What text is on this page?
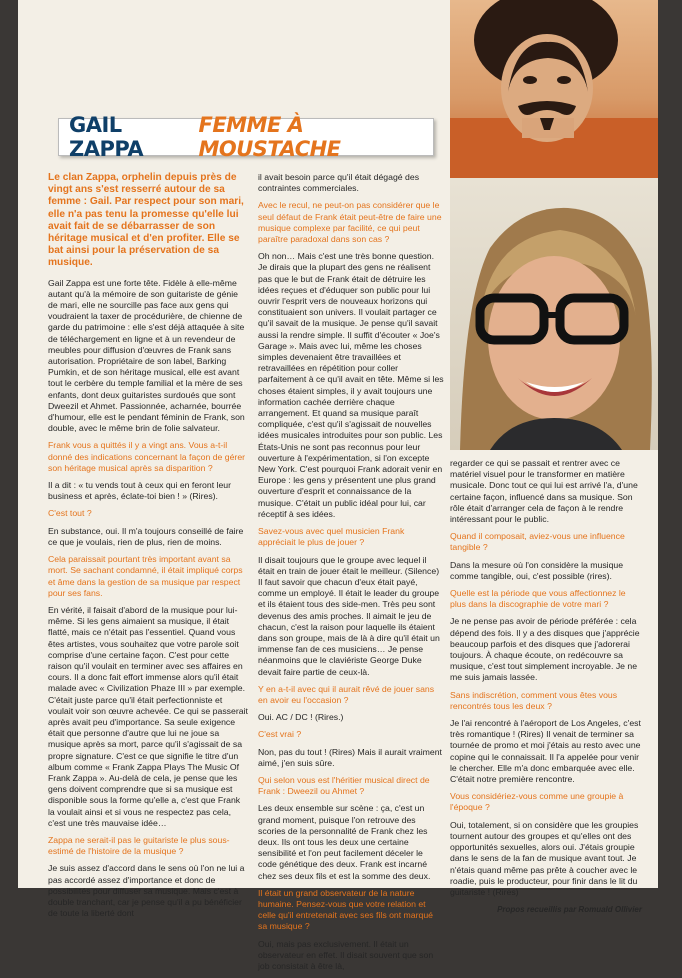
GAIL ZAPPA
FEMME À MOUSTACHE

Le clan Zappa, orphelin depuis près de vingt ans s'est resserré autour de sa femme : Gail. Par respect pour son mari, elle n'a pas tenu la promesse qu'elle lui avait fait de se débarrasser de son héritage musical et d'en profiter. Elle se bat ainsi pour la préservation de sa musique.

Gail Zappa est une forte tête. Fidèle à elle-même autant qu'à la mémoire de son guitariste de génie de mari, elle ne sourcille pas face aux gens qui voudraient la taxer de procédurière, de chienne de garde du patrimoine : elle s'est déjà attaquée à site de téléchargement en ligne et à un revendeur de meubles pour diffusion d'œuvres de Frank sans autorisation. Propriétaire de son label, Barking Pumkin, et de son héritage musical, elle est avant tout le cerbère du temple familial et la mère de ses enfants, dont deux guitaristes surdoués que sont Dweezil et Ahmet. Passionnée, acharnée, bourrée d'humour, elle est le pendant féminin de Frank, son double, avec le même brin de folie salvateur.

Frank vous a quittés il y a vingt ans. Vous a-t-il donné des indications concernant la façon de gérer son héritage musical après sa disparition ?

Il a dit : « tu vends tout à ceux qui en feront leur business et après, éclate-toi bien ! » (Rires).

C'est tout ?

En substance, oui. Il m'a toujours conseillé de faire ce que je voulais, rien de plus, rien de moins.

Cela paraissait pourtant très important avant sa mort. Se sachant condamné, il était impliqué corps et âme dans la gestion de sa musique par respect pour ses fans.

En vérité, il faisait d'abord de la musique pour lui-même. Si les gens aimaient sa musique, il était flatté, mais ce n'était pas l'essentiel. Quand vous êtes artistes, vous souhaitez que votre parole soit comprise d'une certaine façon. C'est pour cette raison qu'il voulait en terminer avec ses affaires en cours. Il a donc fait effort immense alors qu'il était malade avec « Civilization Phaze III » par exemple. C'était juste parce qu'il était perfectionniste et voulait voir son œuvre achevée. Ce qui se passerait après avait peu d'importance. Sa seule exigence était que personne d'autre que lui ne joue sa musique après sa mort, parce qu'il s'agissait de sa propre signature. C'est ce que signifie le titre d'un album comme « Frank Zappa Plays The Music Of Frank Zappa ». Au-delà de cela, je pense que les gens doivent comprendre que si sa musique est disponible sous la forme qu'elle a, c'est que Frank la voulait ainsi et si vous ne respectez pas cela, c'est une très mauvaise idée…

Zappa ne serait-il pas le guitariste le plus sous-estimé de l'histoire de la musique ?

Je suis assez d'accord dans le sens où l'on ne lui a pas accordé assez d'importance et donc de possibilités pour diffuser sa musique. Mais c'est à double tranchant, car je pense qu'il a pu bénéficier de toute la liberté dont

il avait besoin parce qu'il était dégagé des contraintes commerciales.

Avec le recul, ne peut-on pas considérer que le seul défaut de Frank était peut-être de faire une musique complexe par facilité, ce qui peut paraître paradoxal dans son cas ?

Oh non… Mais c'est une très bonne question. Je dirais que la plupart des gens ne réalisent pas que le but de Frank était de détruire les idées reçues et d'éduquer son public pour lui ouvrir l'esprit vers de nouveaux horizons qui constituaient son univers. Il voulait partager ce qu'il savait de la musique. Je pense qu'il savait aussi la rendre simple. Il suffit d'écouter « Joe's Garage ». Mais avec lui, même les choses simples devenaient être travaillées et retravaillées en répétition pour coller parfaitement à ce qu'il avait en tête. Même si les choses étaient simples, il y avait toujours une information cachée derrière chaque arrangement. Et quand sa musique paraît compliquée, c'est qu'il s'agissait de nouvelles idées musicales introduites pour son public. Les États-Unis ne sont pas reconnus pour leur ouverture à l'expérimentation, si l'on excepte New York. C'est pourquoi Frank adorait venir en Europe : les gens y présentent une plus grand ouverture d'esprit et connaissance de la musique. C'était un public idéal pour lui, car réceptif à ses idées.

Savez-vous avec quel musicien Frank appréciait le plus de jouer ?

Il disait toujours que le groupe avec lequel il était en train de jouer était le meilleur. (Silence) Il faut savoir que chacun d'eux était payé, comme un employé. Il était le leader du groupe et ils étaient tous des side-men. Très peu sont devenus des amis proches. Il aimait le jeu de chacun, c'est la raison pour laquelle ils étaient dans son groupe, mais de là à dire qu'il était un immense fan de ces musiciens… Je pense néanmoins que le claviériste George Duke devait faire partie de ceux-là.

Y en a-t-il avec qui il aurait rêvé de jouer sans en avoir eu l'occasion ?

Oui. AC / DC ! (Rires.)

C'est vrai ?

Non, pas du tout ! (Rires) Mais il aurait vraiment aimé, j'en suis sûre.

Qui selon vous est l'héritier musical direct de Frank : Dweezil ou Ahmet ?

Les deux ensemble sur scène : ça, c'est un grand moment, puisque l'on retrouve des scories de la personnalité de Frank chez les deux. Ils ont tous les deux une certaine sensibilité et l'on peut facilement déceler le code génétique des deux. Frank est incarné chez ses deux fils et est la somme des deux.

Il était un grand observateur de la nature humaine. Pensez-vous que votre relation et celle qu'il entretenait avec ses fils ont marqué sa musique ?

Oui, mais pas exclusivement. Il était un observateur en effet. Il disait souvent que son job consistait à être là,

regarder ce qui se passait et rentrer avec ce matériel visuel pour le transformer en matière musicale. Donc tout ce qui lui est arrivé l'a, d'une certaine façon, influencé dans sa musique. Son rôle était d'arranger cela de façon à le rendre intéressant pour le public.

Quand il composait, aviez-vous une influence tangible ?

Dans la mesure où l'on considère la musique comme tangible, oui, c'est possible (rires).

Quelle est la période que vous affectionnez le plus dans la discographie de votre mari ?

Je ne pense pas avoir de période préférée : cela dépend des fois. Il y a des disques que j'apprécie beaucoup parfois et des disques que j'adorerai toujours. À chaque écoute, on redécouvre sa musique, c'est tout simplement incroyable. Je ne me suis jamais lassée.

Sans indiscrétion, comment vous êtes vous rencontrés tous les deux ?

Je l'ai rencontré à l'aéroport de Los Angeles, c'est très romantique ! (Rires) Il venait de terminer sa tournée de promo et moi j'étais au resto avec une copine qui le connaissait. Il l'a appelée pour venir le chercher. Elle m'a donc embarquée avec elle. C'était notre première rencontre.

Vous considériez-vous comme une groupie à l'époque ?

Oui, totalement, si on considère que les groupies tournent autour des groupes et qu'elles ont des opportunités sexuelles, alors oui. J'étais groupie dans le sens de la fan de musique avant tout. Je n'étais quand même pas prête à coucher avec le roadie, puis le producteur, pour finir dans le lit du guitariste ! (Rires)

Propos recueillis par Romuald Ollivier
